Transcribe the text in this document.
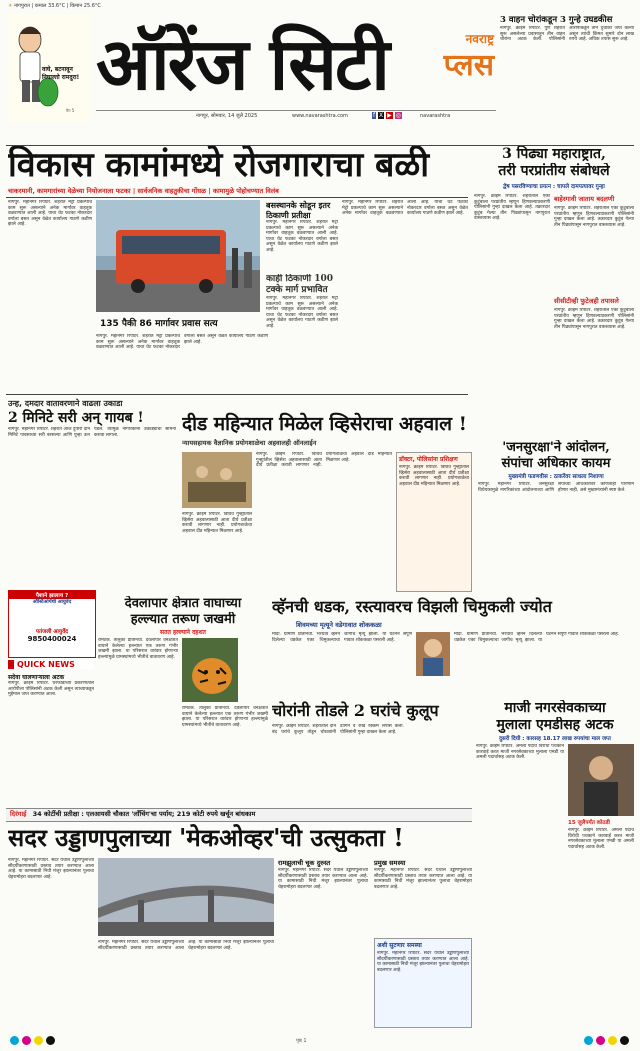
☀ नागपुरात | कमाल 33.6°C | किमान 25.6°C
वाघे, बटनावून निघाल्तो रामदुरा!
पैग 5
ऑरेंज सिटी	नवराष्ट्र
प्लस
नागपुर, सोमवार, 14 जुलै 2025	www.navarashtra.com	f X ▶ ◎	navarashtra
3 वाहन चोरांकडून 3 गुन्हे उघडकीस
नागपुर. क्राइम रिपोर्टर. पुणे शहरात सुरू असलेल्या प्रवासातून तीन वाहन चोरांना अटक केली. पोलिसांनी आरोपींकडून तीन दुचाकी जप्त केल्या असून त्यांची किंमत सुमारे दोन लाख रुपये आहे. अधिक तपास सुरू आहे.
विकास कामांमध्ये रोजगाराचा बळी
चाकरमानी, कामगारांच्या वेळेच्या नियोजनाला फटका | सार्वजनिक वाहतुकीचा गोंधळ | कामामुळे पोहोचण्यात विलंब
नागपुर. महानगर रिपोर्टर. शहरात मेट्रो प्रकल्पाचे काम सुरू असल्याने अनेक मार्गांवर वाहतूक वळवण्यात आली आहे. याचा थेट फटका नोकरदार वर्गाला बसत असून वेळेत कार्यालय गाठणे कठीण झाले आहे.
135 पैकी 86 मार्गावर प्रवास सत्य
नागपुर. महानगर रिपोर्टर. शहरात मेट्रो प्रकल्पाचे काम सुरू असल्याने अनेक मार्गांवर वाहतूक वळवण्यात आली आहे. याचा थेट फटका नोकरदार वर्गाला बसत असून वेळेत कार्यालय गाठणे कठीण झाले आहे.
बसस्थानके सोडून इतर ठिकाणी प्रतीक्षा
नागपुर. महानगर रिपोर्टर. शहरात मेट्रो प्रकल्पाचे काम सुरू असल्याने अनेक मार्गांवर वाहतूक वळवण्यात आली आहे. याचा थेट फटका नोकरदार वर्गाला बसत असून वेळेत कार्यालय गाठणे कठीण झाले आहे.
काही ठिकाणी 100 टक्के मार्ग प्रभावित
नागपुर. महानगर रिपोर्टर. शहरात मेट्रो प्रकल्पाचे काम सुरू असल्याने अनेक मार्गांवर वाहतूक वळवण्यात आली आहे. याचा थेट फटका नोकरदार वर्गाला बसत असून वेळेत कार्यालय गाठणे कठीण झाले आहे.
नागपुर. महानगर रिपोर्टर. शहरात मेट्रो प्रकल्पाचे काम सुरू असल्याने अनेक मार्गांवर वाहतूक वळवण्यात आली आहे. याचा थेट फटका नोकरदार वर्गाला बसत असून वेळेत कार्यालय गाठणे कठीण झाले आहे.
3 पिढ्या महाराष्ट्रात,
तरी परप्रांतीय संबोधले
द्वेष पसरविण्याचा प्रयत्न : चापले दामपत्यावर गुन्हा
नागपुर. क्राइम रिपोर्टर. शहरातील एका कुटुंबाला परप्रांतीय म्हणून हिणवल्याप्रकरणी पोलिसांनी गुन्हा दाखल केला आहे. तक्रारदार कुटुंब गेल्या तीन पिढ्यांपासून नागपुरात वास्तव्यास आहे.
बाहेरगावी जाताय बदलणी
नागपुर. क्राइम रिपोर्टर. शहरातील एका कुटुंबाला परप्रांतीय म्हणून हिणवल्याप्रकरणी पोलिसांनी गुन्हा दाखल केला आहे. तक्रारदार कुटुंब गेल्या तीन पिढ्यांपासून नागपुरात वास्तव्यास आहे.
सीसीटीव्ही फुटेजही तपासले
नागपुर. क्राइम रिपोर्टर. शहरातील एका कुटुंबाला परप्रांतीय म्हणून हिणवल्याप्रकरणी पोलिसांनी गुन्हा दाखल केला आहे. तक्रारदार कुटुंब गेल्या तीन पिढ्यांपासून नागपुरात वास्तव्यास आहे.
उन्ह, दमदार वातावरणाने वाढला उकाडा
2 मिनिटे सरी अन् गायब !
नागपुर. महानगर रिपोर्टर. शहरात आज दुपारी दोन मिनिटे पावसाच्या सरी बरसल्या आणि पुन्हा ऊन पडले. त्यामुळे नागरिकांना उकाड्याचा सामना करावा लागला.
दीड महिन्यात मिळेल व्हिसेराचा अहवाल !
न्यायसहायक वैज्ञानिक प्रयोगशाळेचा अहवालही ऑनलाईन
नागपुर. क्राइम रिपोर्टर. विविध गुन्ह्यांतील व्हिसेरा अहवालासाठी आता दीर्घ प्रतीक्षा करावी लागणार नाही. प्रयोगशाळेचा अहवाल दीड महिन्यात मिळणार आहे.
नागपुर. क्राइम रिपोर्टर. विविध गुन्ह्यांतील व्हिसेरा अहवालासाठी आता दीर्घ प्रतीक्षा करावी लागणार नाही. प्रयोगशाळेचा अहवाल दीड महिन्यात मिळणार आहे.
डॉक्टर, पोलिसांना प्रशिक्षण
नागपुर. क्राइम रिपोर्टर. विविध गुन्ह्यांतील व्हिसेरा अहवालासाठी आता दीर्घ प्रतीक्षा करावी लागणार नाही. प्रयोगशाळेचा अहवाल दीड महिन्यात मिळणार आहे.
'जनसुरक्षा'ने आंदोलन,
संपांचा अधिकार कायम
मुख्यमंत्री फडणवीस : ठाकरेंवर साधला निशाणा
नागपुर. महानगर रिपोर्टर. जनसुरक्षा विधेयकामुळे नागरिकांच्या आंदोलनाच्या आणि संपांच्या अधिकारावर कोणताही परिणाम होणार नाही, असे मुख्यमंत्र्यांनी स्पष्ट केले.
पैशाने झालाय ?
ऑस्टिओपॅथी आयुर्वेद
पतंजली आयुर्वेद
9850400024
QUICK NEWS
सदेवा घालणाऱ्याला अटक
नागपुर. क्राइम रिपोर्टर. घरफोडीच्या प्रकरणातील आरोपीला पोलिसांनी अटक केली असून त्याच्याकडून मुद्देमाल जप्त करण्यात आला.
देवलापार क्षेत्रात वाघाच्या
हल्ल्यात तरूण जखमी
सतत हल्ल्याने दहशत
रामटेक. तालुका प्रतिनिधी. देवलापार वनक्षेत्रात वाघाने केलेल्या हल्ल्यात एक तरूण गंभीर जखमी झाला. या परिसरात वारंवार होणाऱ्या हल्ल्यांमुळे ग्रामस्थांमध्ये भीतीचे वातावरण आहे.
रामटेक. तालुका प्रतिनिधी. देवलापार वनक्षेत्रात वाघाने केलेल्या हल्ल्यात एक तरूण गंभीर जखमी झाला. या परिसरात वारंवार होणाऱ्या हल्ल्यांमुळे ग्रामस्थांमध्ये भीतीचे वातावरण आहे.
व्हॅनची धडक, रस्त्यावरच विझली चिमुकली ज्योत
शिवमच्या मृत्यूने वडेगावात शोककळा
मौदा. ग्रामीण प्रतिनिधी. भरधाव व्हॅनने दिलेल्या धडकेत एका चिमुकल्याचा जागीच मृत्यू झाला. या घटनेने संपूर्ण गावात शोककळा पसरली आहे.
मौदा. ग्रामीण प्रतिनिधी. भरधाव व्हॅनने दिलेल्या धडकेत एका चिमुकल्याचा जागीच मृत्यू झाला. या घटनेने संपूर्ण गावात शोककळा पसरली आहे.
चोरांनी तोडले 2 घरांचे कुलूप
नागपुर. क्राइम रिपोर्टर. शहरातील दोन बंद घरांचे कुलूप तोडून चोरट्यांनी दागिने व रोख रक्कम लंपास केली. पोलिसांनी गुन्हा दाखल केला आहे.
माजी नगरसेवकाच्या
मुलाला एमडीसह अटक
दुसरी दिघी : कारसह 18.17 लाख रुपयांचा माल जप्त
नागपुर. क्राइम रिपोर्टर. अमली पदार्थ विरोधी पथकाने कारवाई करत माजी नगरसेवकाच्या मुलाला एमडी या अमली पदार्थासह अटक केली.
15 जुलैपर्यंत कोठडी
नागपुर. क्राइम रिपोर्टर. अमली पदार्थ विरोधी पथकाने कारवाई करत माजी नगरसेवकाच्या मुलाला एमडी या अमली पदार्थासह अटक केली.
दिरंगाई 34 कोटींची प्रतीक्षा : एलआयसी चौकात 'लॉंचिंग'चा पर्याय; 219 कोटी रुपये खर्चून बांधकाम
सदर उड्डाणपुलाच्या 'मेकओव्हर'ची उत्सुकता !
नागपुर. महानगर रिपोर्टर. सदर येथील उड्डाणपुलाच्या सौंदर्यीकरणासाठी प्रस्ताव तयार करण्यात आला आहे. या कामासाठी निधी मंजूर झाल्यानंतर पुलाचा चेहरामोहरा बदलणार आहे.
नागपुर. महानगर रिपोर्टर. सदर येथील उड्डाणपुलाच्या सौंदर्यीकरणासाठी प्रस्ताव तयार करण्यात आला आहे. या कामासाठी निधी मंजूर झाल्यानंतर पुलाचा चेहरामोहरा बदलणार आहे.
रामझुलाची चूक दुरुस्त
नागपुर. महानगर रिपोर्टर. सदर येथील उड्डाणपुलाच्या सौंदर्यीकरणासाठी प्रस्ताव तयार करण्यात आला आहे. या कामासाठी निधी मंजूर झाल्यानंतर पुलाचा चेहरामोहरा बदलणार आहे.
प्रमुख समस्या
नागपुर. महानगर रिपोर्टर. सदर येथील उड्डाणपुलाच्या सौंदर्यीकरणासाठी प्रस्ताव तयार करण्यात आला आहे. या कामासाठी निधी मंजूर झाल्यानंतर पुलाचा चेहरामोहरा बदलणार आहे.
अशी सुटणार समस्या
नागपुर. महानगर रिपोर्टर. सदर येथील उड्डाणपुलाच्या सौंदर्यीकरणासाठी प्रस्ताव तयार करण्यात आला आहे. या कामासाठी निधी मंजूर झाल्यानंतर पुलाचा चेहरामोहरा बदलणार आहे.
पृष्ठ 1
